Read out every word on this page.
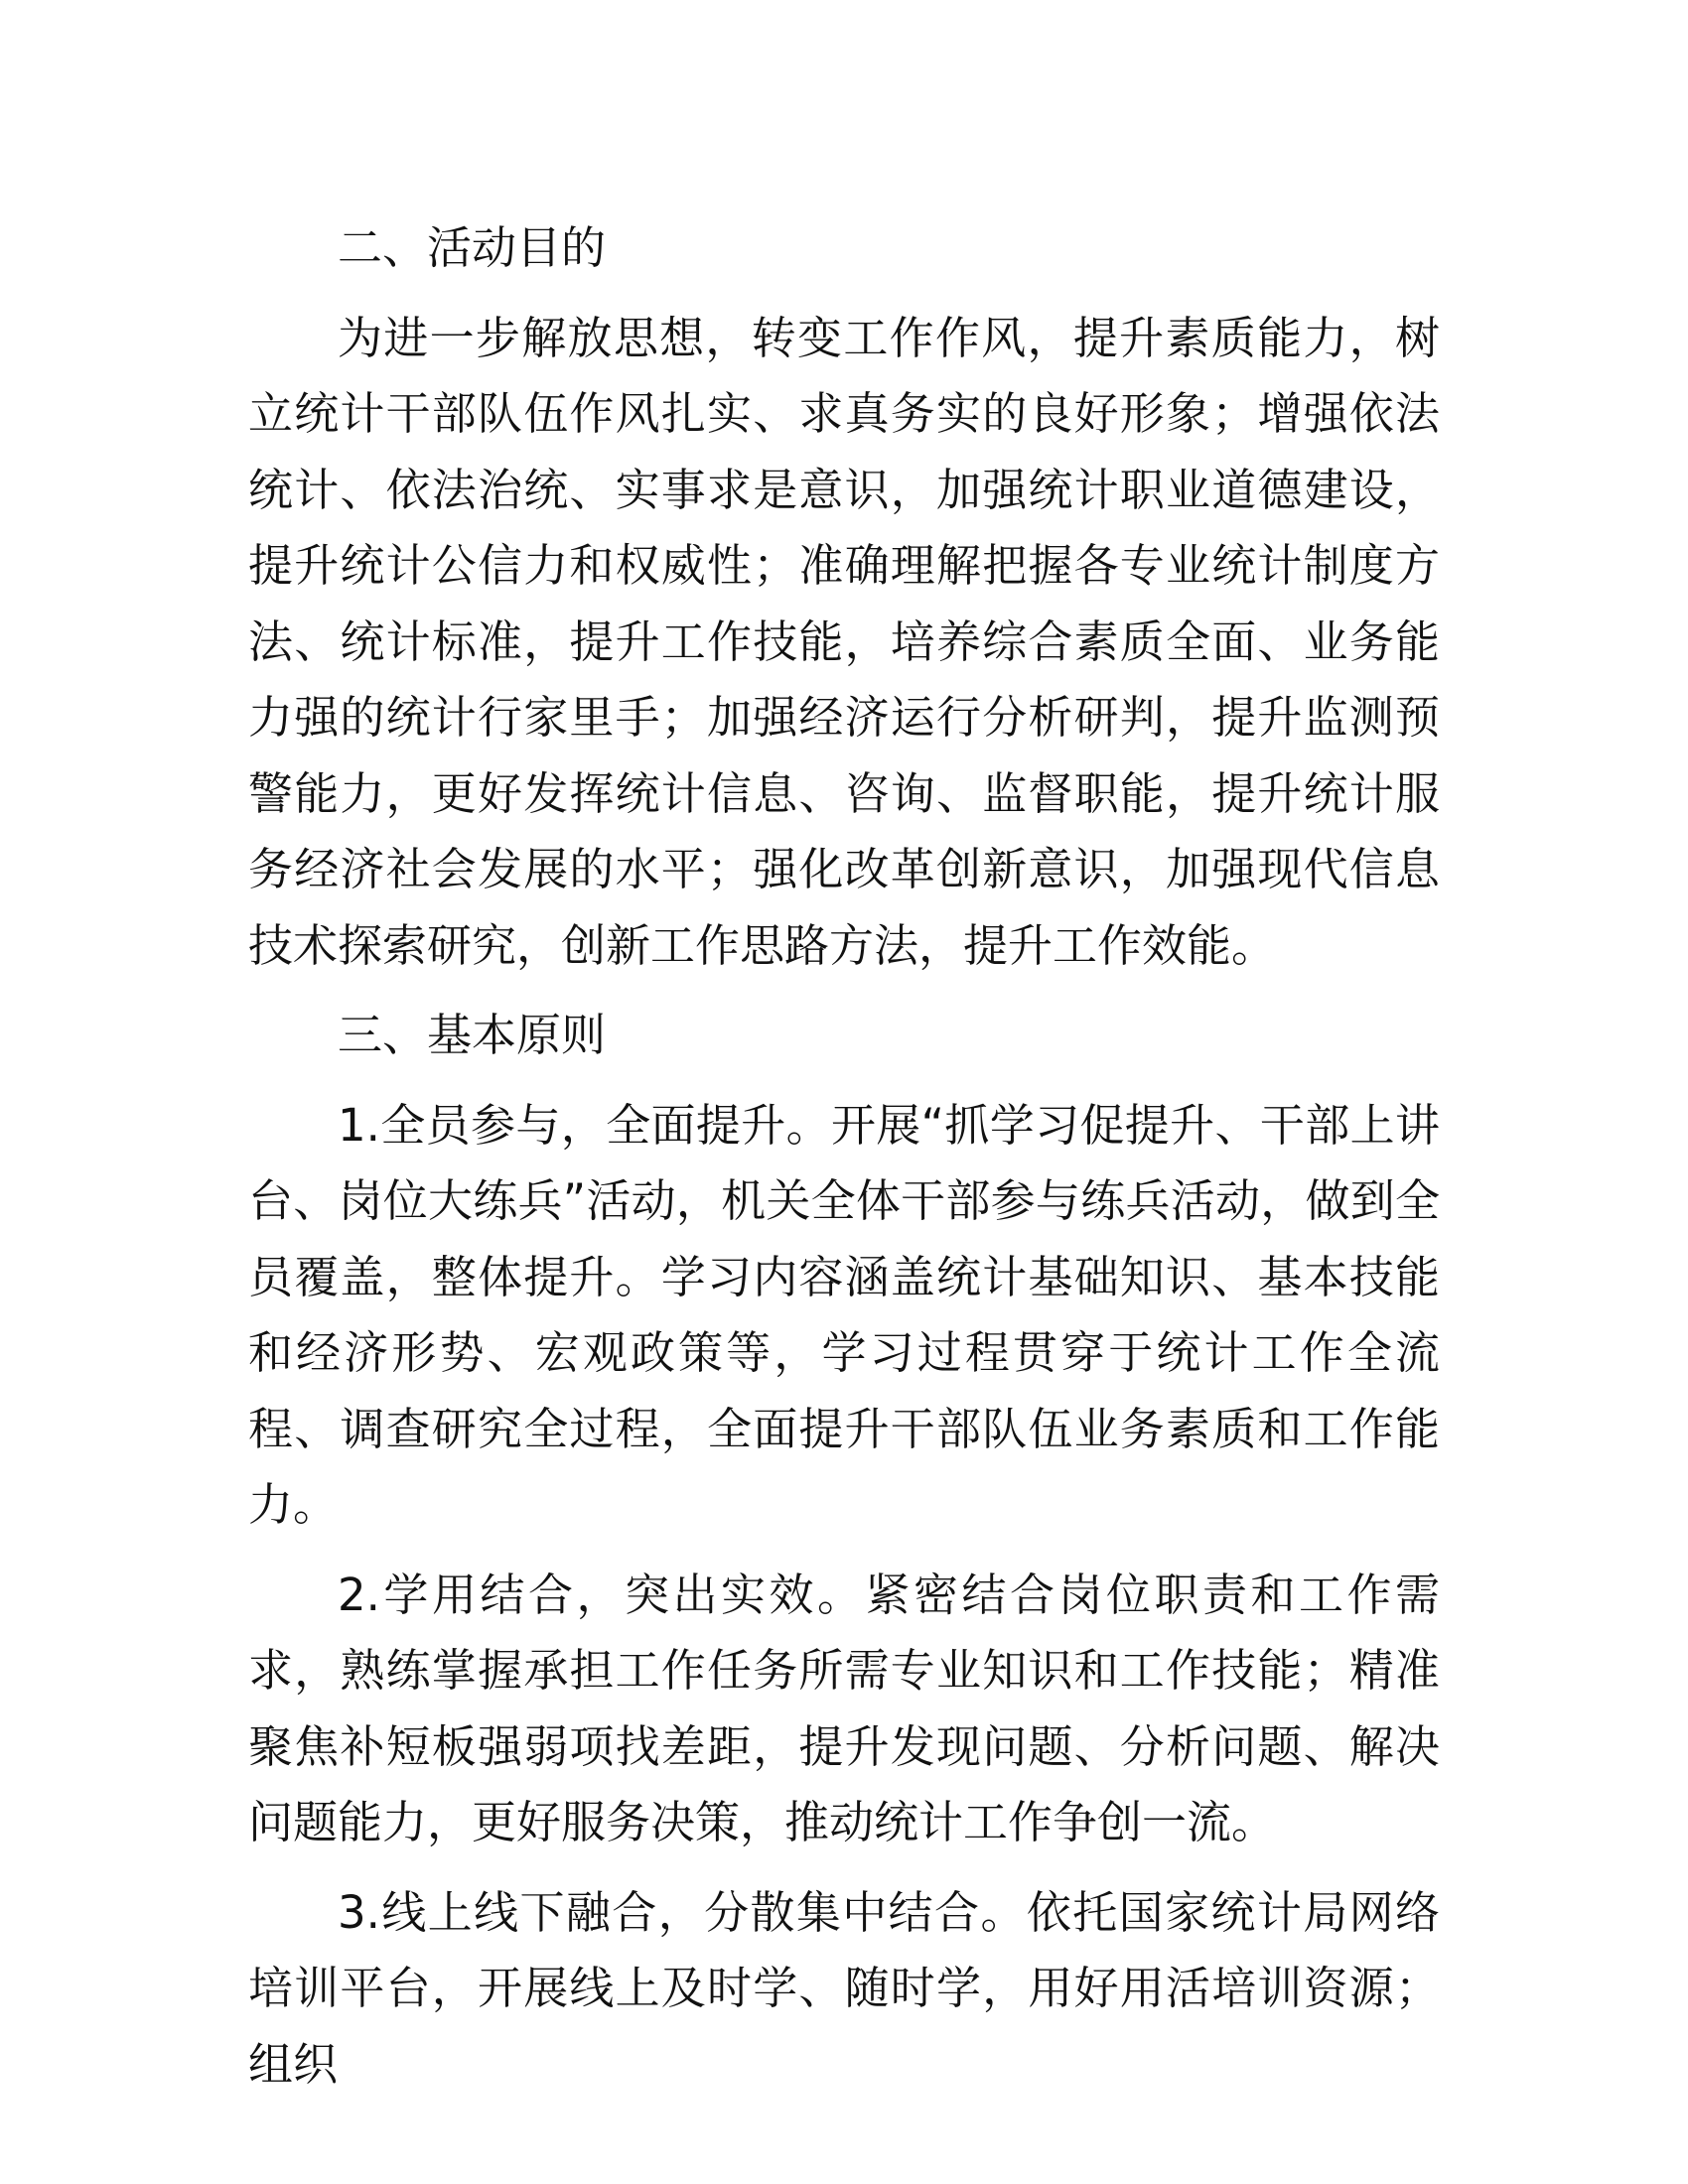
二、活动目的

为进一步解放思想，转变工作作风，提升素质能力，树立统计干部队伍作风扎实、求真务实的良好形象；增强依法统计、依法治统、实事求是意识，加强统计职业道德建设，提升统计公信力和权威性；准确理解把握各专业统计制度方法、统计标准，提升工作技能，培养综合素质全面、业务能力强的统计行家里手；加强经济运行分析研判，提升监测预警能力，更好发挥统计信息、咨询、监督职能，提升统计服务经济社会发展的水平；强化改革创新意识，加强现代信息技术探索研究，创新工作思路方法，提升工作效能。

三、基本原则

1.全员参与，全面提升。开展“抓学习促提升、干部上讲台、岗位大练兵”活动，机关全体干部参与练兵活动，做到全员覆盖，整体提升。学习内容涵盖统计基础知识、基本技能和经济形势、宏观政策等，学习过程贯穿于统计工作全流程、调查研究全过程，全面提升干部队伍业务素质和工作能力。

2.学用结合，突出实效。紧密结合岗位职责和工作需求，熟练掌握承担工作任务所需专业知识和工作技能；精准聚焦补短板强弱项找差距，提升发现问题、分析问题、解决问题能力，更好服务决策，推动统计工作争创一流。

3.线上线下融合，分散集中结合。依托国家统计局网络培训平台，开展线上及时学、随时学，用好用活培训资源；组织
